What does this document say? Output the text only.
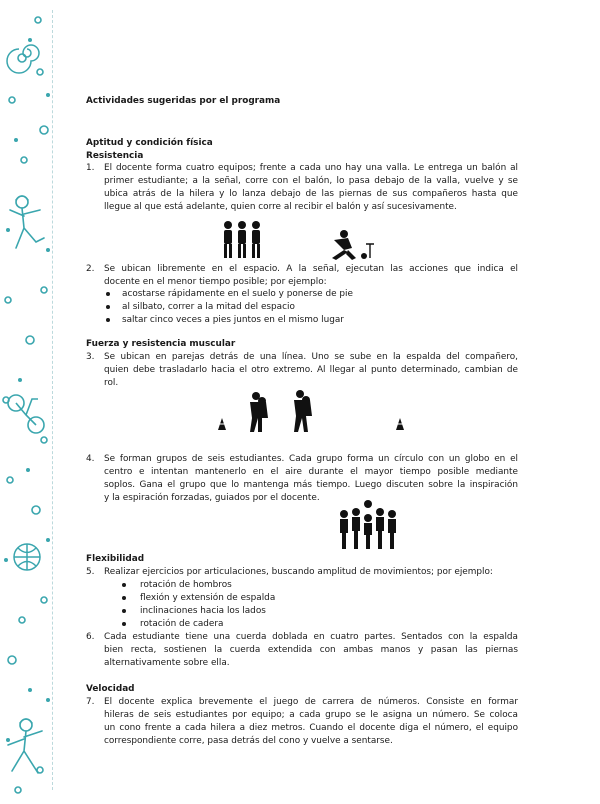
Actividades sugeridas por el programa
Aptitud y condición física
Resistencia
1. El docente forma cuatro equipos; frente a cada uno hay una valla. Le entrega un balón al
primer estudiante; a la señal, corre con el balón, lo pasa debajo de la valla, vuelve y se
ubica atrás de la hilera y lo lanza debajo de las piernas de sus compañeros hasta que
llegue al que está adelante, quien corre al recibir el balón y así sucesivamente.
2. Se ubican libremente en el espacio. A la señal, ejecutan las acciones que indica el
docente en el menor tiempo posible; por ejemplo:
acostarse rápidamente en el suelo y ponerse de pie
al silbato, correr a la mitad del espacio
saltar cinco veces a pies juntos en el mismo lugar
Fuerza y resistencia muscular
3. Se ubican en parejas detrás de una línea. Uno se sube en la espalda del compañero,
quien debe trasladarlo hacia el otro extremo. Al llegar al punto determinado, cambian de
rol.
4. Se forman grupos de seis estudiantes. Cada grupo forma un círculo con un globo en el
centro e intentan mantenerlo en el aire durante el mayor tiempo posible mediante
soplos. Gana el grupo que lo mantenga más tiempo. Luego discuten sobre la inspiración
y la espiración forzadas, guiados por el docente.
Flexibilidad
5. Realizar ejercicios por articulaciones, buscando amplitud de movimientos; por ejemplo:
rotación de hombros
flexión y extensión de espalda
inclinaciones hacia los lados
rotación de cadera
6. Cada estudiante tiene una cuerda doblada en cuatro partes. Sentados con la espalda
bien recta, sostienen la cuerda extendida con ambas manos y pasan las piernas
alternativamente sobre ella.
Velocidad
7. El docente explica brevemente el juego de carrera de números. Consiste en formar
hileras de seis estudiantes por equipo; a cada grupo se le asigna un número. Se coloca
un cono frente a cada hilera a diez metros. Cuando el docente diga el número, el equipo
correspondiente corre, pasa detrás del cono y vuelve a sentarse.
